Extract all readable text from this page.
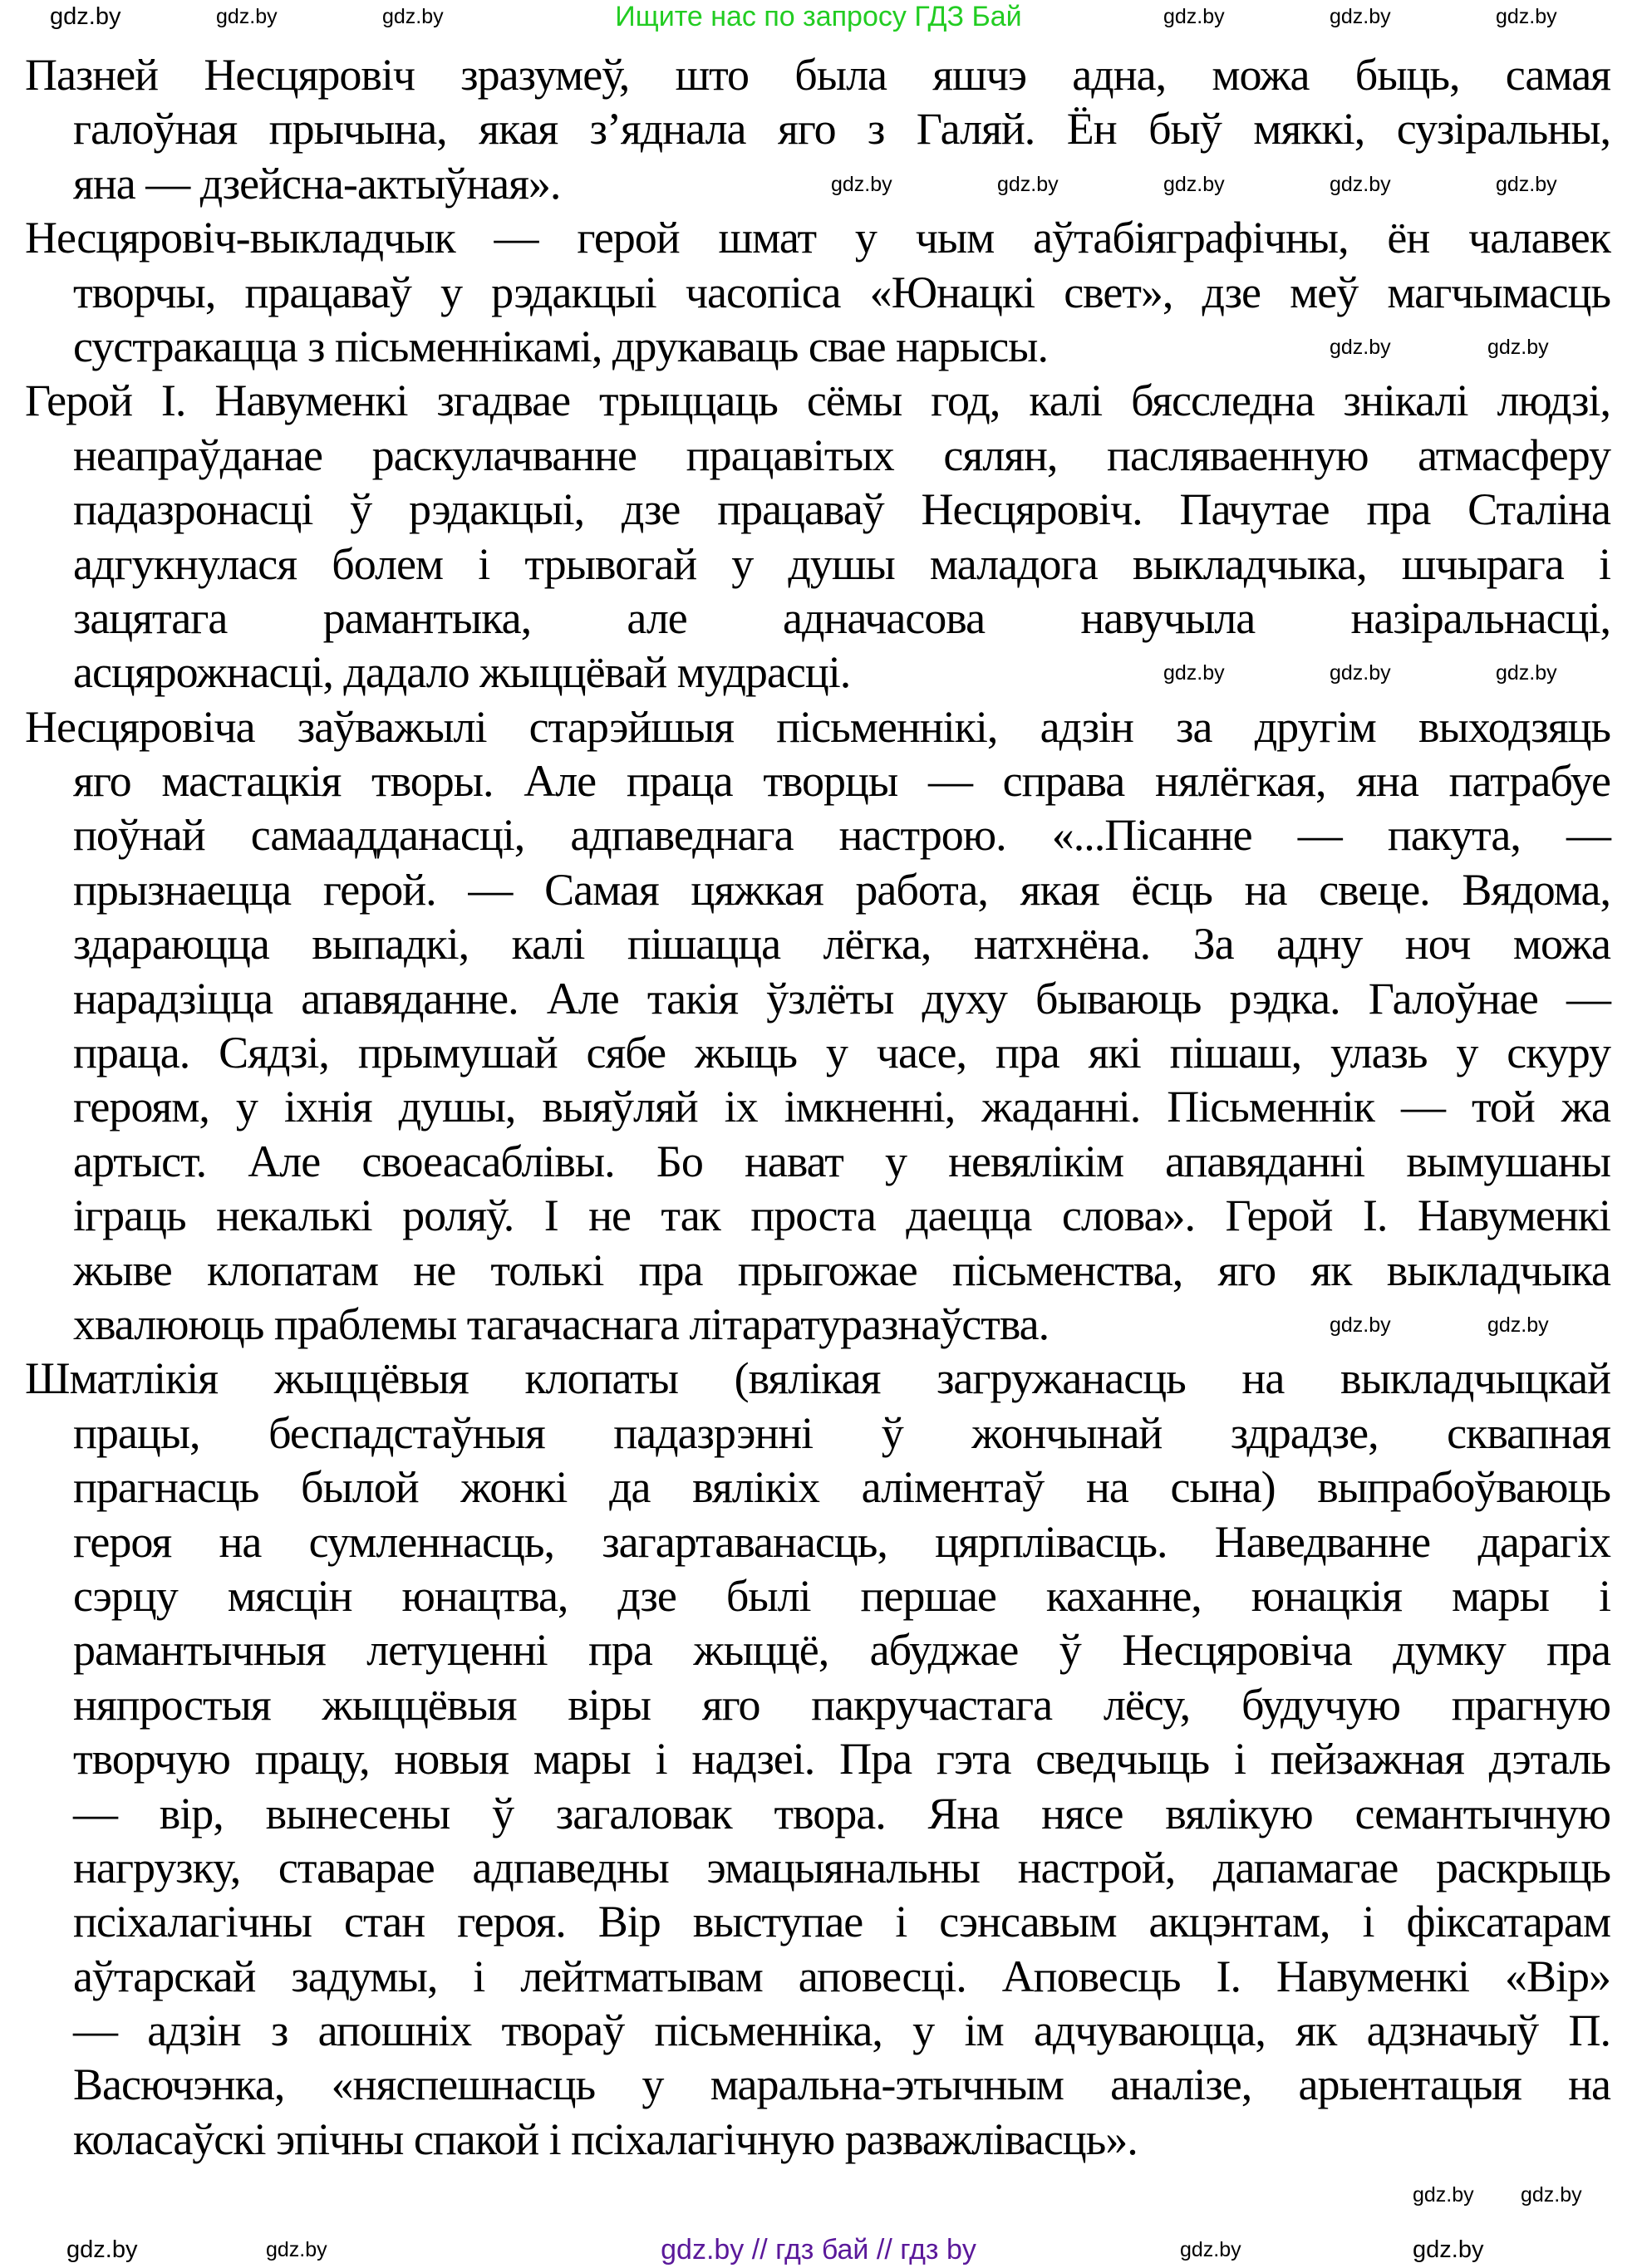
Ищите нас по запросу ГДЗ Бай
Пазней Несцяровіч зразумеў, што была яшчэ адна, можа быць, самая
галоўная прычына, якая з’яднала яго з Галяй. Ён быў мяккі, сузіральны,
яна — дзейсна-актыўная».
Несцяровіч-выкладчык — герой шмат у чым аўтабіяграфічны, ён чалавек
творчы, працаваў у рэдакцыі часопіса «Юнацкі свет», дзе меў магчымасць
сустракацца з пісьменнікамі, друкаваць свае нарысы.
Герой І. Навуменкі згадвае трыццаць сёмы год, калі бясследна знікалі людзі,
неапраўданае раскулачванне працавітых сялян, пасляваенную атмасферу
падазронасці ў рэдакцыі, дзе працаваў Несцяровіч. Пачутае пра Сталіна
адгукнулася болем і трывогай у душы маладога выкладчыка, шчырага і
зацятага рамантыка, але адначасова навучыла назіральнасці,
асцярожнасці, дадало жыццёвай мудрасці.
Несцяровіча заўважылі старэйшыя пісьменнікі, адзін за другім выходзяць
яго мастацкія творы. Але праца творцы — справа нялёгкая, яна патрабуе
поўнай самаадданасці, адпаведнага настрою. «...Пісанне — пакута, —
прызнаецца герой. — Самая цяжкая работа, якая ёсць на свеце. Вядома,
здараюцца выпадкі, калі пішацца лёгка, натхнёна. За адну ноч можа
нарадзіцца апавяданне. Але такія ўзлёты духу бываюць рэдка. Галоўнае —
праца. Сядзі, прымушай сябе жыць у часе, пра які пішаш, улазь у скуру
героям, у іхнія душы, выяўляй іх імкненні, жаданні. Пісьменнік — той жа
артыст. Але своеасаблівы. Бо нават у невялікім апавяданні вымушаны
іграць некалькі роляў. І не так проста даецца слова». Герой І. Навуменкі
жыве клопатам не толькі пра прыгожае пісьменства, яго як выкладчыка
хвалююць праблемы тагачаснага літаратуразнаўства.
Шматлікія жыццёвыя клопаты (вялікая загружанасць на выкладчыцкай
працы, беспадстаўныя падазрэнні ў жончынай здрадзе, сквапная
прагнасць былой жонкі да вялікіх аліментаў на сына) выпрабоўваюць
героя на сумленнасць, загартаванасць, цярплівасць. Наведванне дарагіх
сэрцу мясцін юнацтва, дзе былі першае каханне, юнацкія мары і
рамантычныя летуценні пра жыццё, абуджае ў Несцяровіча думку пра
няпростыя жыццёвыя віры яго пакручастага лёсу, будучую прагную
творчую працу, новыя мары і надзеі. Пра гэта сведчыць і пейзажная дэталь
— вір, вынесены ў загаловак твора. Яна нясе вялікую семантычную
нагрузку, ставарае адпаведны эмацыянальны настрой, дапамагае раскрыць
псіхалагічны стан героя. Вір выступае і сэнсавым акцэнтам, і фіксатарам
аўтарскай задумы, і лейтматывам аповесці. Аповесць І. Навуменкі «Вір»
— адзін з апошніх твораў пісьменніка, у ім адчуваюцца, як адзначыў П.
Васючэнка, «няспешнасць у маральна-этычным аналізе, арыентацыя на
коласаўскі эпічны спакой і псіхалагічную разважлівасць».
gdz.by	gdz.by	gdz.by	gdz.by	gdz.by	gdz.by
gdz.by	gdz.by	gdz.by	gdz.by	gdz.by
gdz.by	gdz.by
gdz.by	gdz.by	gdz.by
gdz.by	gdz.by
gdz.by gdz.by
gdz.by	gdz.by	gdz.by	gdz.by
gdz.by // гдз бай // гдз by
